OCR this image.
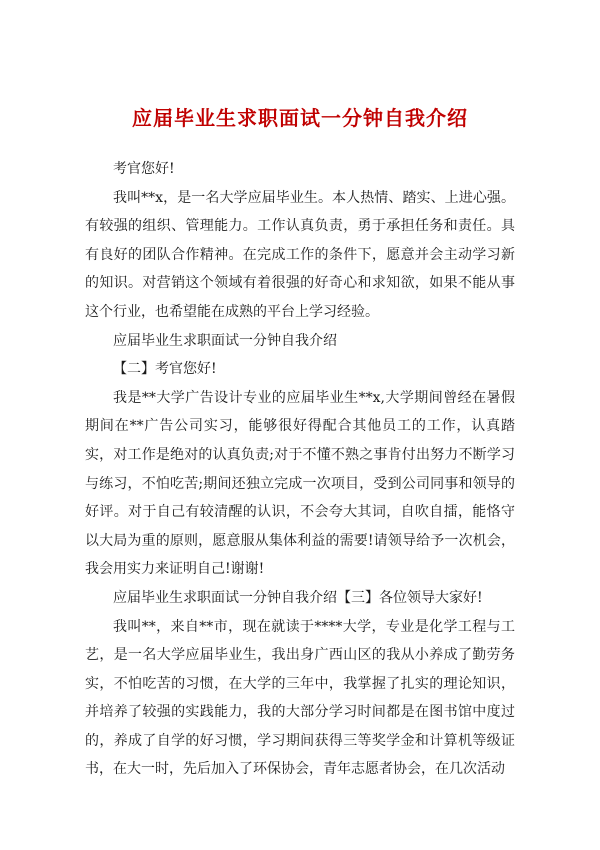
应届毕业生求职面试一分钟自我介绍

考官您好!

我叫**x，是一名大学应届毕业生。本人热情、踏实、上进心强。有较强的组织、管理能力。工作认真负责，勇于承担任务和责任。具有良好的团队合作精神。在完成工作的条件下，愿意并会主动学习新的知识。对营销这个领域有着很强的好奇心和求知欲，如果不能从事这个行业，也希望能在成熟的平台上学习经验。

应届毕业生求职面试一分钟自我介绍

【二】考官您好!

我是**大学广告设计专业的应届毕业生**x,大学期间曾经在暑假期间在**广告公司实习，能够很好得配合其他员工的工作，认真踏实，对工作是绝对的认真负责;对于不懂不熟之事肯付出努力不断学习与练习，不怕吃苦;期间还独立完成一次项目，受到公司同事和领导的好评。对于自己有较清醒的认识，不会夸大其词，自吹自擂，能恪守以大局为重的原则，愿意服从集体利益的需要!请领导给予一次机会，我会用实力来证明自己!谢谢!

应届毕业生求职面试一分钟自我介绍【三】各位领导大家好!

我叫**，来自**市，现在就读于****大学，专业是化学工程与工艺，是一名大学应届毕业生，我出身广西山区的我从小养成了勤劳务实，不怕吃苦的习惯，在大学的三年中，我掌握了扎实的理论知识，并培养了较强的实践能力，我的大部分学习时间都是在图书馆中度过的，养成了自学的好习惯，学习期间获得三等奖学金和计算机等级证书，在大一时，先后加入了环保协会，青年志愿者协会，在几次活动
